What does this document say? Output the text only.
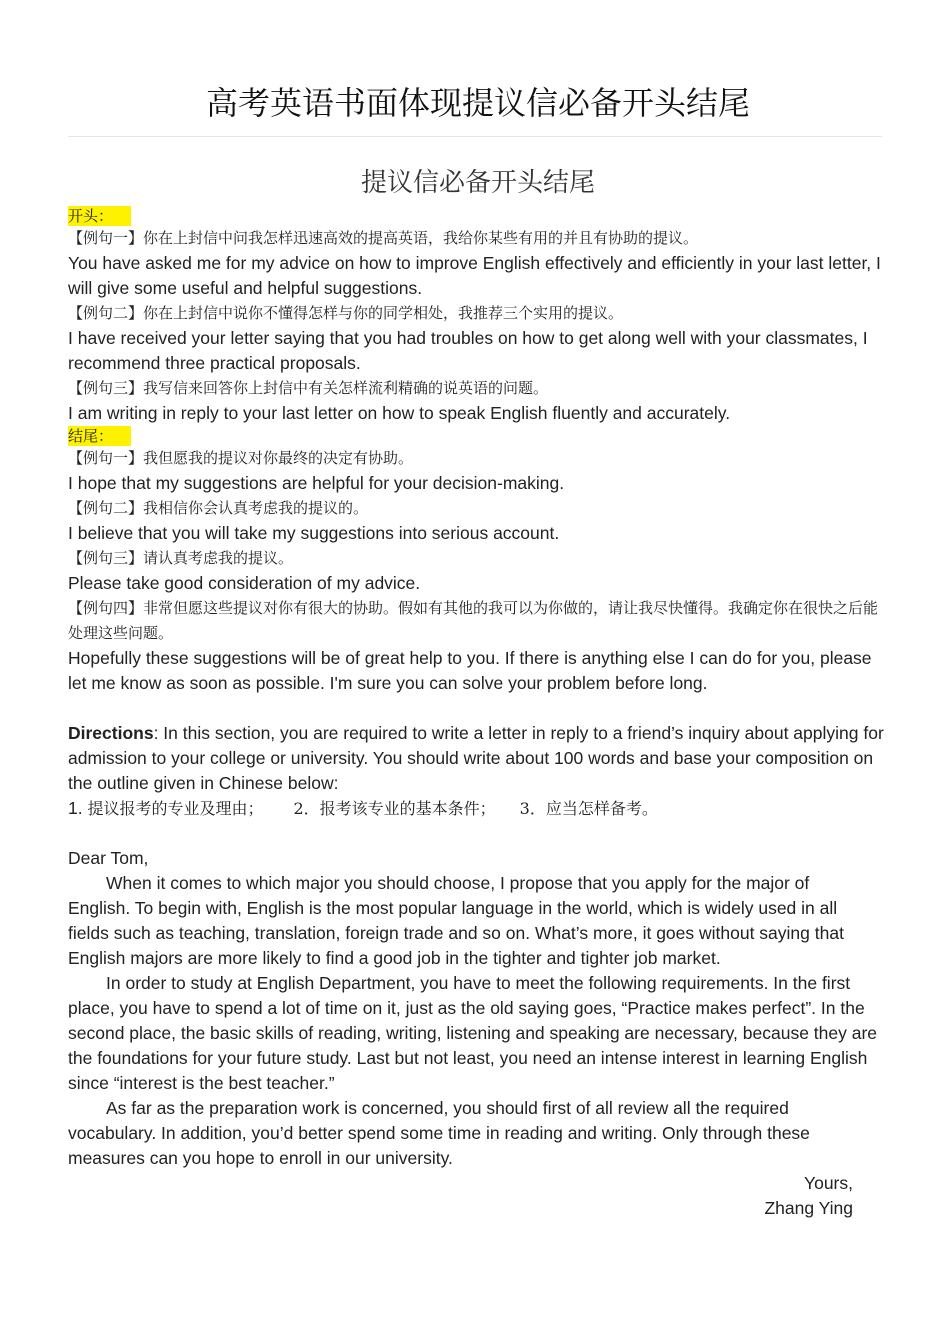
高考英语书面体现提议信必备开头结尾
提议信必备开头结尾
开头：
【例句一】你在上封信中问我怎样迅速高效的提高英语，我给你某些有用的并且有协助的提议。
You have asked me for my advice on how to improve English effectively and efficiently in your last letter, I will give some useful and helpful suggestions.
【例句二】你在上封信中说你不懂得怎样与你的同学相处，我推荐三个实用的提议。
I have received your letter saying that you had troubles on how to get along well with your classmates, I recommend three practical proposals.
【例句三】我写信来回答你上封信中有关怎样流利精确的说英语的问题。
I am writing in reply to your last letter on how to speak English fluently and accurately.
结尾：
【例句一】我但愿我的提议对你最终的决定有协助。
I hope that my suggestions are helpful for your decision-making.
【例句二】我相信你会认真考虑我的提议的。
I believe that you will take my suggestions into serious account.
【例句三】请认真考虑我的提议。
Please take good consideration of my advice.
【例句四】非常但愿这些提议对你有很大的协助。假如有其他的我可以为你做的，请让我尽快懂得。我确定你在很快之后能处理这些问题。
Hopefully these suggestions will be of great help to you. If there is anything else I can do for you, please let me know as soon as possible. I'm sure you can solve your problem before long.
Directions: In this section, you are required to write a letter in reply to a friend’s inquiry about applying for admission to your college or university. You should write about 100 words and base your composition on the outline given in Chinese below:
1. 提议报考的专业及理由； 2．报考该专业的基本条件； 3．应当怎样备考。
Dear Tom,

When it comes to which major you should choose, I propose that you apply for the major of English. To begin with, English is the most popular language in the world, which is widely used in all fields such as teaching, translation, foreign trade and so on. What’s more, it goes without saying that English majors are more likely to find a good job in the tighter and tighter job market.

In order to study at English Department, you have to meet the following requirements. In the first place, you have to spend a lot of time on it, just as the old saying goes, “Practice makes perfect”. In the second place, the basic skills of reading, writing, listening and speaking are necessary, because they are the foundations for your future study. Last but not least, you need an intense interest in learning English since “interest is the best teacher.”

As far as the preparation work is concerned, you should first of all review all the required vocabulary. In addition, you’d better spend some time in reading and writing. Only through these measures can you hope to enroll in our university.

Yours,
Zhang Ying
